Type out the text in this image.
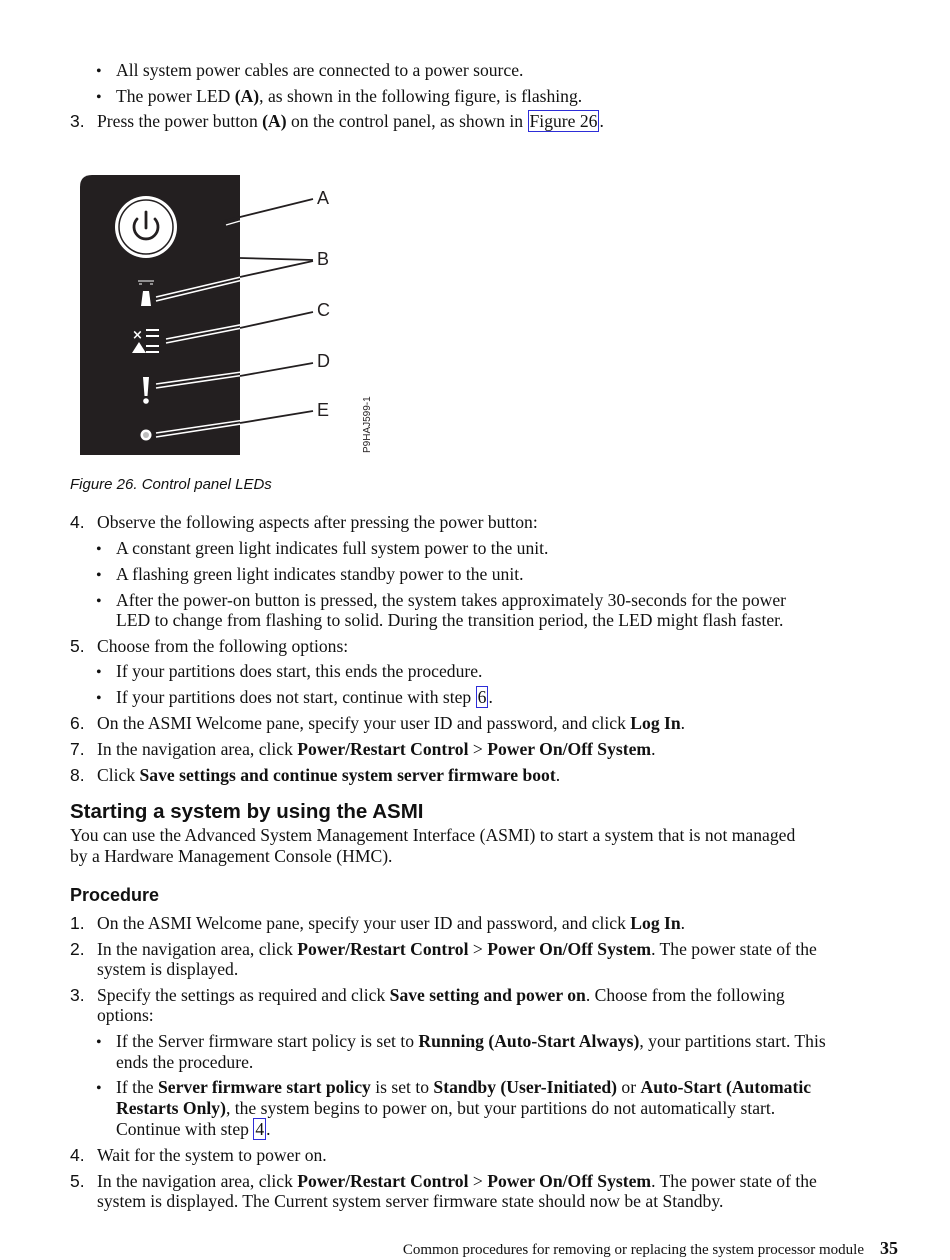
• All system power cables are connected to a power source.
• The power LED (A), as shown in the following figure, is flashing.
3. Press the power button (A) on the control panel, as shown in Figure 26 .
×
A
B
C
D
E	P9HAJ599-1
Figure 26. Control panel LEDs
4. Observe the following aspects after pressing the power button:
• A constant green light indicates full system power to the unit.
• A flashing green light indicates standby power to the unit.
• After the power-on button is pressed, the system takes approximately 30-seconds for the power
LED to change from flashing to solid. During the transition period, the LED might flash faster.
5. Choose from the following options:
• If your partitions does start, this ends the procedure.
• If your partitions does not start, continue with step 6 .
6. On the ASMI Welcome pane, specify your user ID and password, and click Log In.
7. In the navigation area, click Power/Restart Control > Power On/Off System.
8. Click Save settings and continue system server firmware boot.
Starting a system by using the ASMI
You can use the Advanced System Management Interface (ASMI) to start a system that is not managed
by a Hardware Management Console (HMC).
Procedure
1. On the ASMI Welcome pane, specify your user ID and password, and click Log In.
2. In the navigation area, click Power/Restart Control > Power On/Off System. The power state of the
system is displayed.
3. Specify the settings as required and click Save setting and power on. Choose from the following
options:
• If the Server firmware start policy is set to Running (Auto-Start Always), your partitions start. This
ends the procedure.
• If the Server firmware start policy is set to Standby (User-Initiated) or Auto-Start (Automatic
Restarts Only), the system begins to power on, but your partitions do not automatically start.
Continue with step 4 .
4. Wait for the system to power on.
5. In the navigation area, click Power/Restart Control > Power On/Off System. The power state of the
system is displayed. The Current system server firmware state should now be at Standby.
Common procedures for removing or replacing the system processor module 35
